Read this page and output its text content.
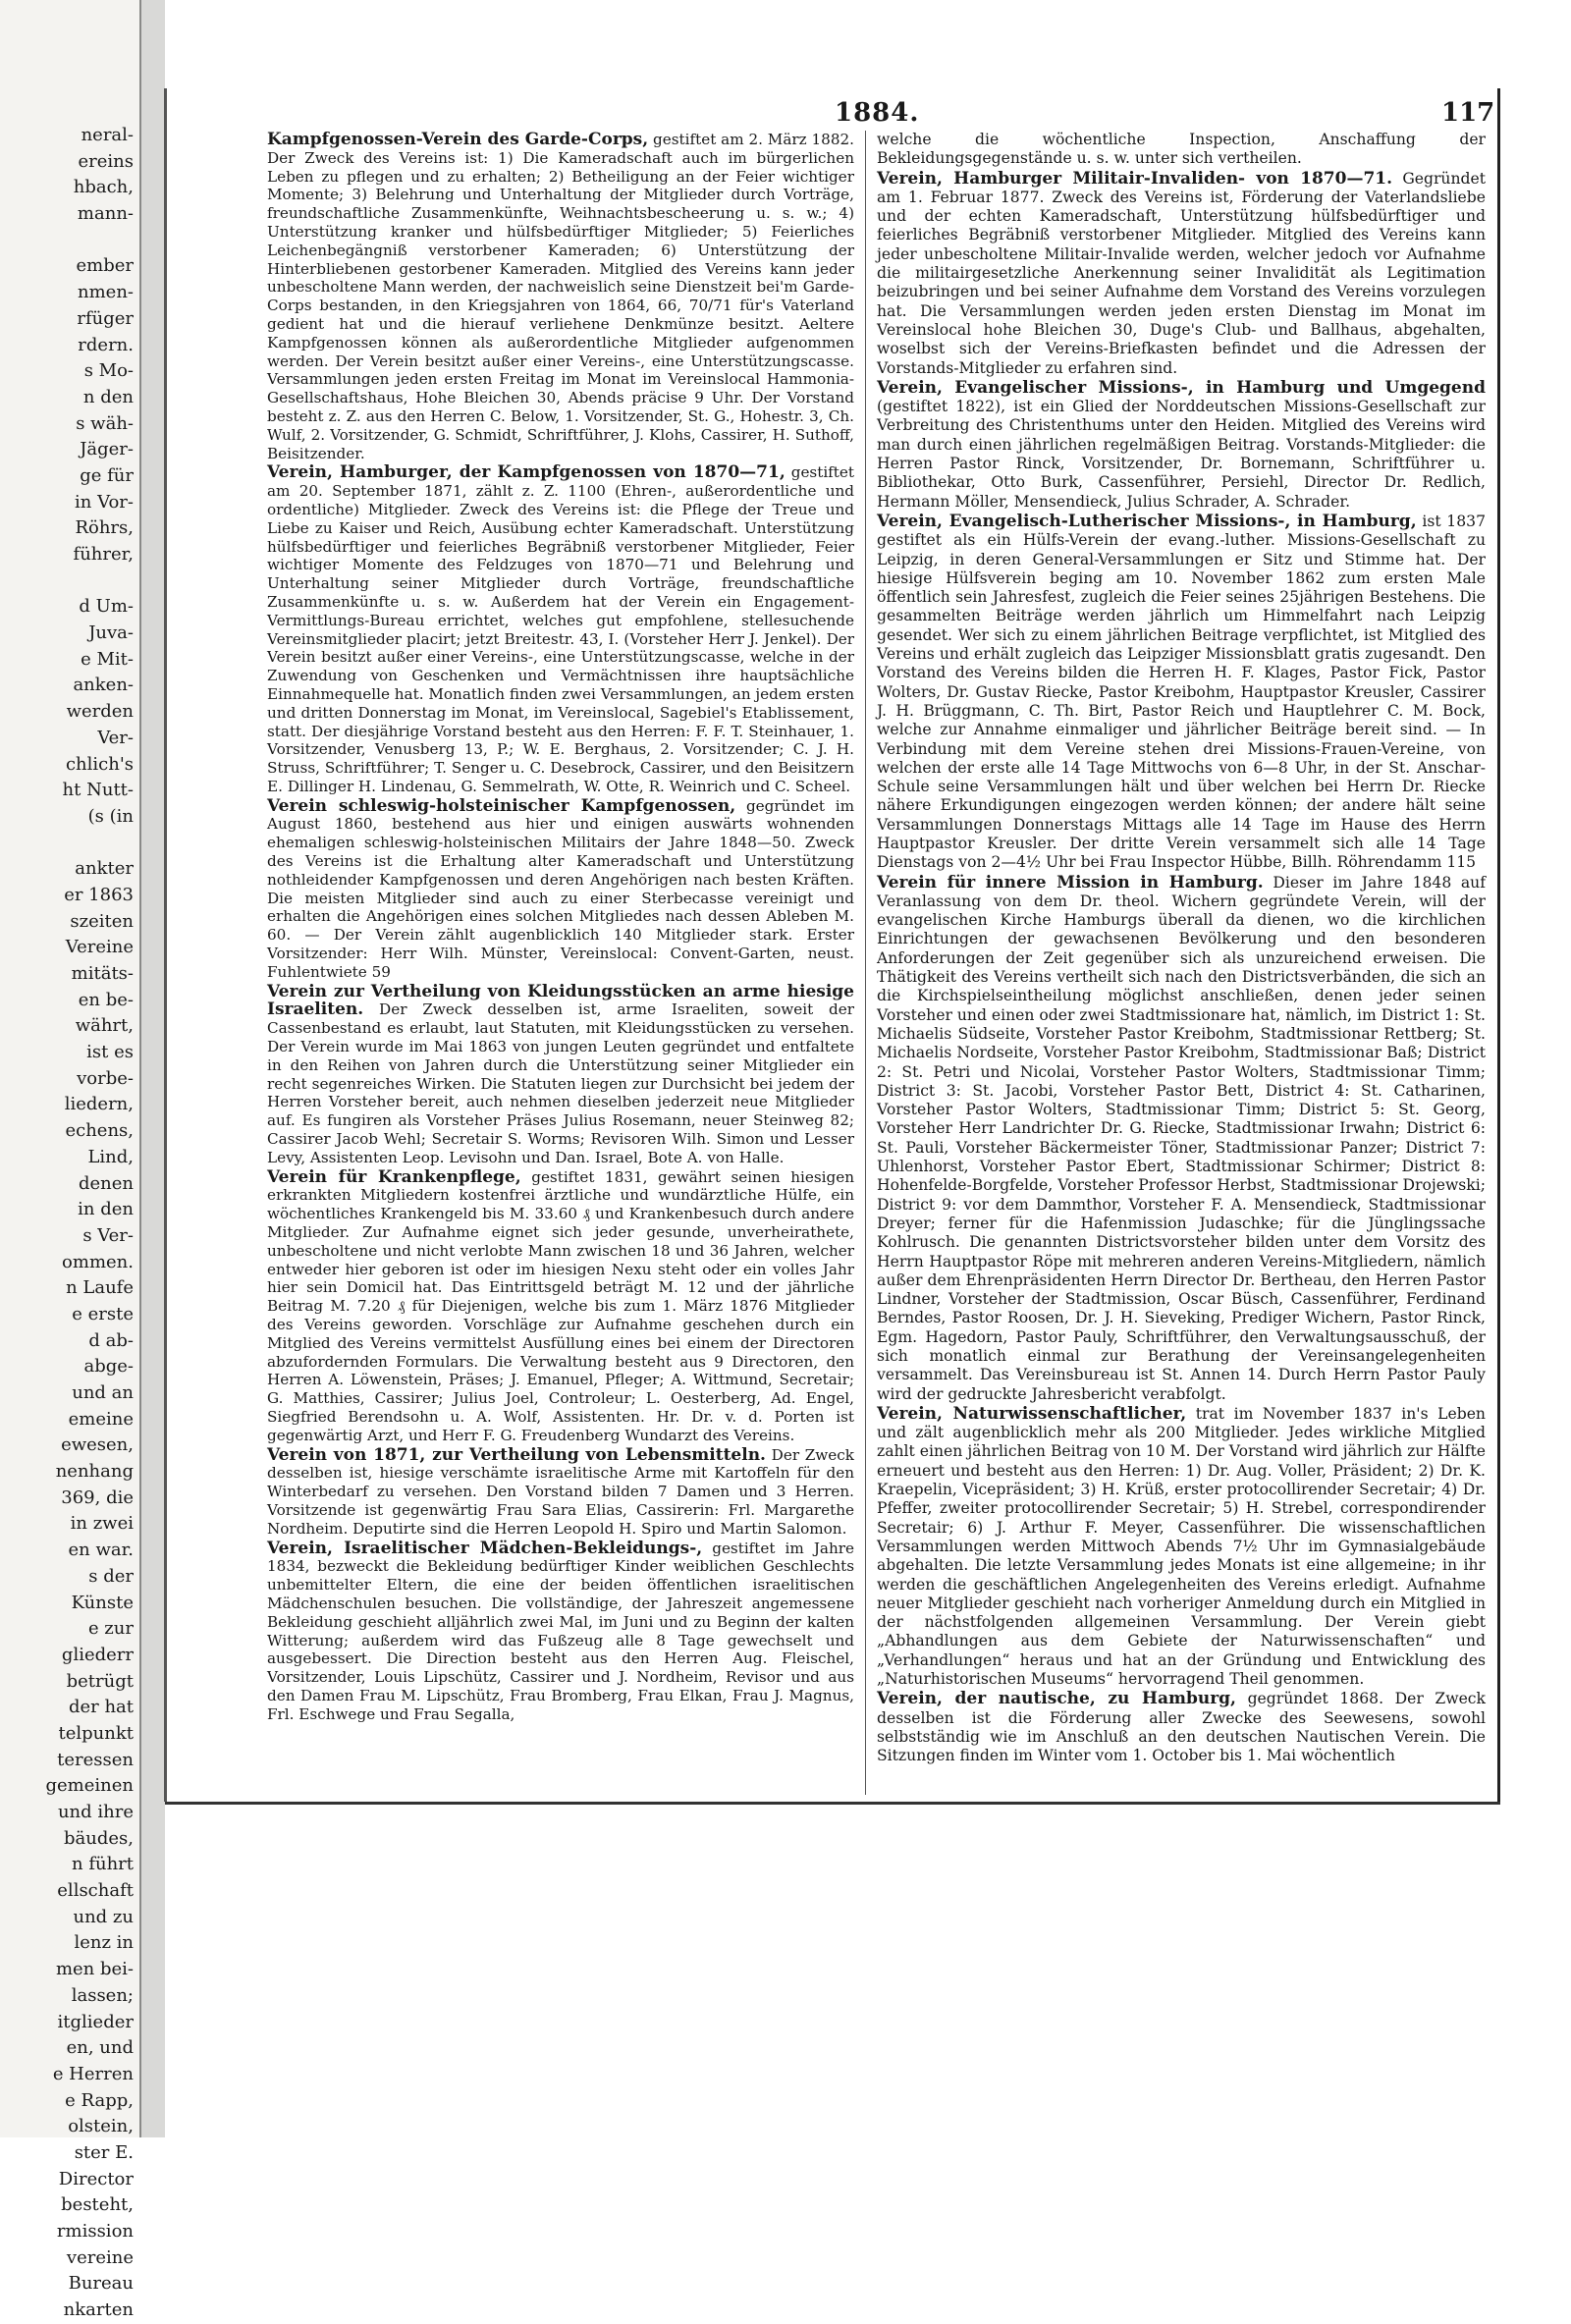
neral-
ereins
hbach,
mann-
ember
nmen-
rfüger
rdern.
s Mo-
n den
s wäh-
Jäger-
ge für
in Vor-
Röhrs,
führer,
d Um-
Juva-
e Mit-
anken-
werden
Ver-
chlich's
ht Nutt-
(s (in
ankter
er 1863
szeiten
Vereine
mitäts-
en be-
währt,
ist es
vorbe-
liedern,
echens,
Lind,
denen
in den
s Ver-
ommen.
n Laufe
e erste
d ab-
abge-
und an
emeine
ewesen,
nenhang
369, die
in zwei
en war.
s der
Künste
e zur
gliederr
betrügt
der hat
telpunkt
teressen
gemeinen
und ihre
bäudes,
n führt
ellschaft
und zu
lenz in
men bei-
lassen;
itglieder
en, und
e Herren
e Rapp,
olstein,
ster E.
Director
besteht,
rmission
vereine
Bureau
nkarten
1884.	117

Kampfgenossen-Verein des Garde-Corps, gestiftet am 2. März 1882. Der Zweck des Vereins ist: 1) Die Kameradschaft auch im bürgerlichen Leben zu pflegen und zu erhalten; 2) Betheiligung an der Feier wichtiger Momente; 3) Belehrung und Unterhaltung der Mitglieder durch Vorträge, freundschaftliche Zusammenkünfte, Weihnachtsbescheerung u. s. w.; 4) Unterstützung kranker und hülfsbedürftiger Mitglieder; 5) Feierliches Leichenbegängniß verstorbener Kameraden; 6) Unterstützung der Hinterbliebenen gestorbener Kameraden. Mitglied des Vereins kann jeder unbescholtene Mann werden, der nachweislich seine Dienstzeit bei'm Garde-Corps bestanden, in den Kriegsjahren von 1864, 66, 70/71 für's Vaterland gedient hat und die hierauf verliehene Denkmünze besitzt. Aeltere Kampfgenossen können als außerordentliche Mitglieder aufgenommen werden. Der Verein besitzt außer einer Vereins-, eine Unterstützungscasse. Versammlungen jeden ersten Freitag im Monat im Vereinslocal Hammonia-Gesellschaftshaus, Hohe Bleichen 30, Abends präcise 9 Uhr. Der Vorstand besteht z. Z. aus den Herren C. Below, 1. Vorsitzender, St. G., Hohestr. 3, Ch. Wulf, 2. Vorsitzender, G. Schmidt, Schriftführer, J. Klohs, Cassirer, H. Suthoff, Beisitzender.

Verein, Hamburger, der Kampfgenossen von 1870—71, gestiftet am 20. September 1871, zählt z. Z. 1100 (Ehren-, außerordentliche und ordentliche) Mitglieder. Zweck des Vereins ist: die Pflege der Treue und Liebe zu Kaiser und Reich, Ausübung echter Kameradschaft. Unterstützung hülfsbedürftiger und feierliches Begräbniß verstorbener Mitglieder, Feier wichtiger Momente des Feldzuges von 1870—71 und Belehrung und Unterhaltung seiner Mitglieder durch Vorträge, freundschaftliche Zusammenkünfte u. s. w. Außerdem hat der Verein ein Engagement-Vermittlungs-Bureau errichtet, welches gut empfohlene, stellesuchende Vereinsmitglieder placirt; jetzt Breitestr. 43, I. (Vorsteher Herr J. Jenkel). Der Verein besitzt außer einer Vereins-, eine Unterstützungscasse, welche in der Zuwendung von Geschenken und Vermächtnissen ihre hauptsächliche Einnahmequelle hat. Monatlich finden zwei Versammlungen, an jedem ersten und dritten Donnerstag im Monat, im Vereinslocal, Sagebiel's Etablissement, statt. Der diesjährige Vorstand besteht aus den Herren: F. F. T. Steinhauer, 1. Vorsitzender, Venusberg 13, P.; W. E. Berghaus, 2. Vorsitzender; C. J. H. Struss, Schriftführer; T. Senger u. C. Desebrock, Cassirer, und den Beisitzern E. Dillinger H. Lindenau, G. Semmelrath, W. Otte, R. Weinrich und C. Scheel.

Verein schleswig-holsteinischer Kampfgenossen, gegründet im August 1860, bestehend aus hier und einigen auswärts wohnenden ehemaligen schleswig-holsteinischen Militairs der Jahre 1848—50. Zweck des Vereins ist die Erhaltung alter Kameradschaft und Unterstützung nothleidender Kampfgenossen und deren Angehörigen nach besten Kräften. Die meisten Mitglieder sind auch zu einer Sterbecasse vereinigt und erhalten die Angehörigen eines solchen Mitgliedes nach dessen Ableben M. 60. — Der Verein zählt augenblicklich 140 Mitglieder stark. Erster Vorsitzender: Herr Wilh. Münster, Vereinslocal: Convent-Garten, neust. Fuhlentwiete 59

Verein zur Vertheilung von Kleidungsstücken an arme hiesige Israeliten. Der Zweck desselben ist, arme Israeliten, soweit der Cassenbestand es erlaubt, laut Statuten, mit Kleidungsstücken zu versehen. Der Verein wurde im Mai 1863 von jungen Leuten gegründet und entfaltete in den Reihen von Jahren durch die Unterstützung seiner Mitglieder ein recht segenreiches Wirken. Die Statuten liegen zur Durchsicht bei jedem der Herren Vorsteher bereit, auch nehmen dieselben jederzeit neue Mitglieder auf. Es fungiren als Vorsteher Präses Julius Rosemann, neuer Steinweg 82; Cassirer Jacob Wehl; Secretair S. Worms; Revisoren Wilh. Simon und Lesser Levy, Assistenten Leop. Levisohn und Dan. Israel, Bote A. von Halle.

Verein für Krankenpflege, gestiftet 1831, gewährt seinen hiesigen erkrankten Mitgliedern kostenfrei ärztliche und wundärztliche Hülfe, ein wöchentliches Krankengeld bis M. 33.60 ₰ und Krankenbesuch durch andere Mitglieder. Zur Aufnahme eignet sich jeder gesunde, unverheirathete, unbescholtene und nicht verlobte Mann zwischen 18 und 36 Jahren, welcher entweder hier geboren ist oder im hiesigen Nexu steht oder ein volles Jahr hier sein Domicil hat. Das Eintrittsgeld beträgt M. 12 und der jährliche Beitrag M. 7.20 ₰ für Diejenigen, welche bis zum 1. März 1876 Mitglieder des Vereins geworden. Vorschläge zur Aufnahme geschehen durch ein Mitglied des Vereins vermittelst Ausfüllung eines bei einem der Directoren abzufordernden Formulars. Die Verwaltung besteht aus 9 Directoren, den Herren A. Löwenstein, Präses; J. Emanuel, Pfleger; A. Wittmund, Secretair; G. Matthies, Cassirer; Julius Joel, Controleur; L. Oesterberg, Ad. Engel, Siegfried Berendsohn u. A. Wolf, Assistenten. Hr. Dr. v. d. Porten ist gegenwärtig Arzt, und Herr F. G. Freudenberg Wundarzt des Vereins.

Verein von 1871, zur Vertheilung von Lebensmitteln. Der Zweck desselben ist, hiesige verschämte israelitische Arme mit Kartoffeln für den Winterbedarf zu versehen. Den Vorstand bilden 7 Damen und 3 Herren. Vorsitzende ist gegenwärtig Frau Sara Elias, Cassirerin: Frl. Margarethe Nordheim. Deputirte sind die Herren Leopold H. Spiro und Martin Salomon.

Verein, Israelitischer Mädchen-Bekleidungs-, gestiftet im Jahre 1834, bezweckt die Bekleidung bedürftiger Kinder weiblichen Geschlechts unbemittelter Eltern, die eine der beiden öffentlichen israelitischen Mädchenschulen besuchen. Die vollständige, der Jahreszeit angemessene Bekleidung geschieht alljährlich zwei Mal, im Juni und zu Beginn der kalten Witterung; außerdem wird das Fußzeug alle 8 Tage gewechselt und ausgebessert. Die Direction besteht aus den Herren Aug. Fleischel, Vorsitzender, Louis Lipschütz, Cassirer und J. Nordheim, Revisor und aus den Damen Frau M. Lipschütz, Frau Bromberg, Frau Elkan, Frau J. Magnus, Frl. Eschwege und Frau Segalla,

welche die wöchentliche Inspection, Anschaffung der Bekleidungsgegenstände u. s. w. unter sich vertheilen.

Verein, Hamburger Militair-Invaliden- von 1870—71. Gegründet am 1. Februar 1877. Zweck des Vereins ist, Förderung der Vaterlandsliebe und der echten Kameradschaft, Unterstützung hülfsbedürftiger und feierliches Begräbniß verstorbener Mitglieder. Mitglied des Vereins kann jeder unbescholtene Militair-Invalide werden, welcher jedoch vor Aufnahme die militairgesetzliche Anerkennung seiner Invalidität als Legitimation beizubringen und bei seiner Aufnahme dem Vorstand des Vereins vorzulegen hat. Die Versammlungen werden jeden ersten Dienstag im Monat im Vereinslocal hohe Bleichen 30, Duge's Club- und Ballhaus, abgehalten, woselbst sich der Vereins-Briefkasten befindet und die Adressen der Vorstands-Mitglieder zu erfahren sind.

Verein, Evangelischer Missions-, in Hamburg und Umgegend (gestiftet 1822), ist ein Glied der Norddeutschen Missions-Gesellschaft zur Verbreitung des Christenthums unter den Heiden. Mitglied des Vereins wird man durch einen jährlichen regelmäßigen Beitrag. Vorstands-Mitglieder: die Herren Pastor Rinck, Vorsitzender, Dr. Bornemann, Schriftführer u. Bibliothekar, Otto Burk, Cassenführer, Persiehl, Director Dr. Redlich, Hermann Möller, Mensendieck, Julius Schrader, A. Schrader.

Verein, Evangelisch-Lutherischer Missions-, in Hamburg, ist 1837 gestiftet als ein Hülfs-Verein der evang.-luther. Missions-Gesellschaft zu Leipzig, in deren General-Versammlungen er Sitz und Stimme hat. Der hiesige Hülfsverein beging am 10. November 1862 zum ersten Male öffentlich sein Jahresfest, zugleich die Feier seines 25jährigen Bestehens. Die gesammelten Beiträge werden jährlich um Himmelfahrt nach Leipzig gesendet. Wer sich zu einem jährlichen Beitrage verpflichtet, ist Mitglied des Vereins und erhält zugleich das Leipziger Missionsblatt gratis zugesandt. Den Vorstand des Vereins bilden die Herren H. F. Klages, Pastor Fick, Pastor Wolters, Dr. Gustav Riecke, Pastor Kreibohm, Hauptpastor Kreusler, Cassirer J. H. Brüggmann, C. Th. Birt, Pastor Reich und Hauptlehrer C. M. Bock, welche zur Annahme einmaliger und jährlicher Beiträge bereit sind. — In Verbindung mit dem Vereine stehen drei Missions-Frauen-Vereine, von welchen der erste alle 14 Tage Mittwochs von 6—8 Uhr, in der St. Anschar-Schule seine Versammlungen hält und über welchen bei Herrn Dr. Riecke nähere Erkundigungen eingezogen werden können; der andere hält seine Versammlungen Donnerstags Mittags alle 14 Tage im Hause des Herrn Hauptpastor Kreusler. Der dritte Verein versammelt sich alle 14 Tage Dienstags von 2—4½ Uhr bei Frau Inspector Hübbe, Billh. Röhrendamm 115

Verein für innere Mission in Hamburg. Dieser im Jahre 1848 auf Veranlassung von dem Dr. theol. Wichern gegründete Verein, will der evangelischen Kirche Hamburgs überall da dienen, wo die kirchlichen Einrichtungen der gewachsenen Bevölkerung und den besonderen Anforderungen der Zeit gegenüber sich als unzureichend erweisen. Die Thätigkeit des Vereins vertheilt sich nach den Districtsverbänden, die sich an die Kirchspielseintheilung möglichst anschließen, denen jeder seinen Vorsteher und einen oder zwei Stadtmissionare hat, nämlich, im District 1: St. Michaelis Südseite, Vorsteher Pastor Kreibohm, Stadtmissionar Rettberg; St. Michaelis Nordseite, Vorsteher Pastor Kreibohm, Stadtmissionar Baß; District 2: St. Petri und Nicolai, Vorsteher Pastor Wolters, Stadtmissionar Timm; District 3: St. Jacobi, Vorsteher Pastor Bett, District 4: St. Catharinen, Vorsteher Pastor Wolters, Stadtmissionar Timm; District 5: St. Georg, Vorsteher Herr Landrichter Dr. G. Riecke, Stadtmissionar Irwahn; District 6: St. Pauli, Vorsteher Bäckermeister Töner, Stadtmissionar Panzer; District 7: Uhlenhorst, Vorsteher Pastor Ebert, Stadtmissionar Schirmer; District 8: Hohenfelde-Borgfelde, Vorsteher Professor Herbst, Stadtmissionar Drojewski; District 9: vor dem Dammthor, Vorsteher F. A. Mensendieck, Stadtmissionar Dreyer; ferner für die Hafenmission Judaschke; für die Jünglingssache Kohlrusch. Die genannten Districtsvorsteher bilden unter dem Vorsitz des Herrn Hauptpastor Röpe mit mehreren anderen Vereins-Mitgliedern, nämlich außer dem Ehrenpräsidenten Herrn Director Dr. Bertheau, den Herren Pastor Lindner, Vorsteher der Stadtmission, Oscar Büsch, Cassenführer, Ferdinand Berndes, Pastor Roosen, Dr. J. H. Sieveking, Prediger Wichern, Pastor Rinck, Egm. Hagedorn, Pastor Pauly, Schriftführer, den Verwaltungsausschuß, der sich monatlich einmal zur Berathung der Vereinsangelegenheiten versammelt. Das Vereinsbureau ist St. Annen 14. Durch Herrn Pastor Pauly wird der gedruckte Jahresbericht verabfolgt.

Verein, Naturwissenschaftlicher, trat im November 1837 in's Leben und zält augenblicklich mehr als 200 Mitglieder. Jedes wirkliche Mitglied zahlt einen jährlichen Beitrag von 10 M. Der Vorstand wird jährlich zur Hälfte erneuert und besteht aus den Herren: 1) Dr. Aug. Voller, Präsident; 2) Dr. K. Kraepelin, Vicepräsident; 3) H. Krüß, erster protocollirender Secretair; 4) Dr. Pfeffer, zweiter protocollirender Secretair; 5) H. Strebel, correspondirender Secretair; 6) J. Arthur F. Meyer, Cassenführer. Die wissenschaftlichen Versammlungen werden Mittwoch Abends 7½ Uhr im Gymnasialgebäude abgehalten. Die letzte Versammlung jedes Monats ist eine allgemeine; in ihr werden die geschäftlichen Angelegenheiten des Vereins erledigt. Aufnahme neuer Mitglieder geschieht nach vorheriger Anmeldung durch ein Mitglied in der nächstfolgenden allgemeinen Versammlung. Der Verein giebt „Abhandlungen aus dem Gebiete der Naturwissenschaften“ und „Verhandlungen“ heraus und hat an der Gründung und Entwicklung des „Naturhistorischen Museums“ hervorragend Theil genommen.

Verein, der nautische, zu Hamburg, gegründet 1868. Der Zweck desselben ist die Förderung aller Zwecke des Seewesens, sowohl selbstständig wie im Anschluß an den deutschen Nautischen Verein. Die Sitzungen finden im Winter vom 1. October bis 1. Mai wöchentlich
